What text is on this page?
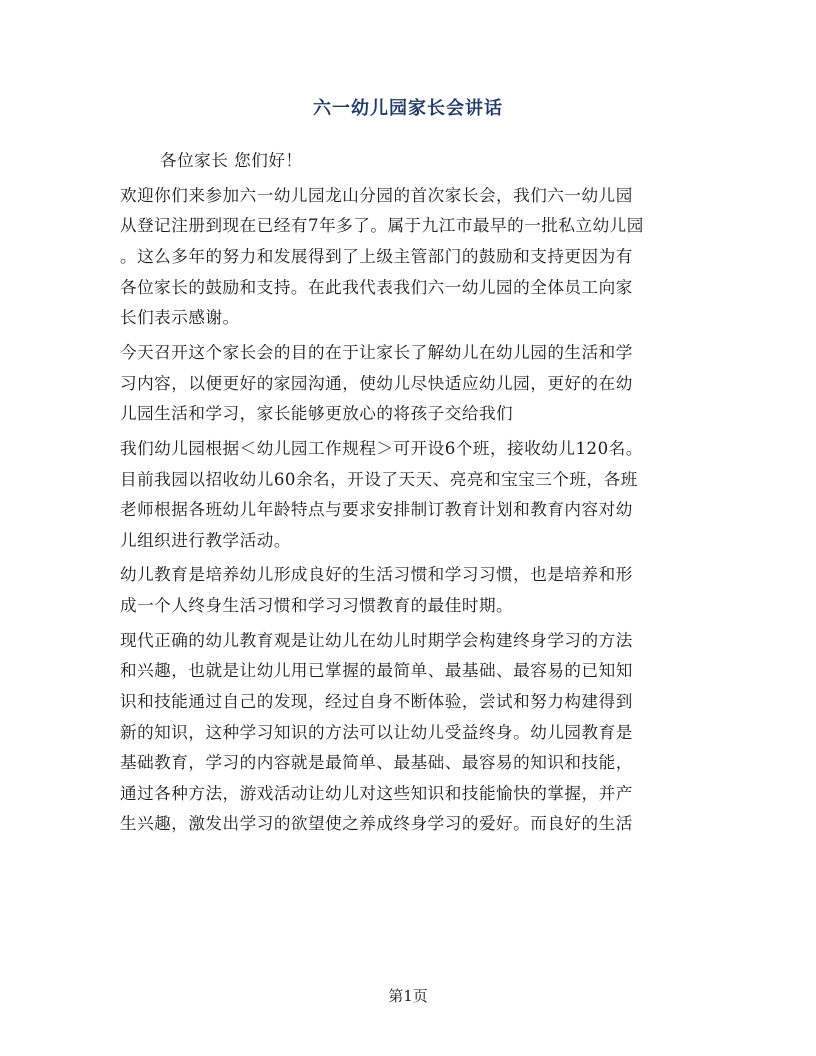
六一幼儿园家长会讲话

各位家长 您们好！

欢迎你们来参加六一幼儿园龙山分园的首次家长会，我们六一幼儿园
从登记注册到现在已经有7年多了。属于九江市最早的一批私立幼儿园
。这么多年的努力和发展得到了上级主管部门的鼓励和支持更因为有
各位家长的鼓励和支持。在此我代表我们六一幼儿园的全体员工向家
长们表示感谢。

今天召开这个家长会的目的在于让家长了解幼儿在幼儿园的生活和学
习内容，以便更好的家园沟通，使幼儿尽快适应幼儿园，更好的在幼
儿园生活和学习，家长能够更放心的将孩子交给我们

我们幼儿园根据＜幼儿园工作规程＞可开设6个班，接收幼儿120名。
目前我园以招收幼儿60余名，开设了天天、亮亮和宝宝三个班，各班
老师根据各班幼儿年龄特点与要求安排制订教育计划和教育内容对幼
儿组织进行教学活动。

幼儿教育是培养幼儿形成良好的生活习惯和学习习惯，也是培养和形
成一个人终身生活习惯和学习习惯教育的最佳时期。

现代正确的幼儿教育观是让幼儿在幼儿时期学会构建终身学习的方法
和兴趣，也就是让幼儿用已掌握的最简单、最基础、最容易的已知知
识和技能通过自己的发现，经过自身不断体验，尝试和努力构建得到
新的知识，这种学习知识的方法可以让幼儿受益终身。幼儿园教育是
基础教育，学习的内容就是最简单、最基础、最容易的知识和技能，
通过各种方法，游戏活动让幼儿对这些知识和技能愉快的掌握，并产
生兴趣，激发出学习的欲望使之养成终身学习的爱好。而良好的生活

第1页
